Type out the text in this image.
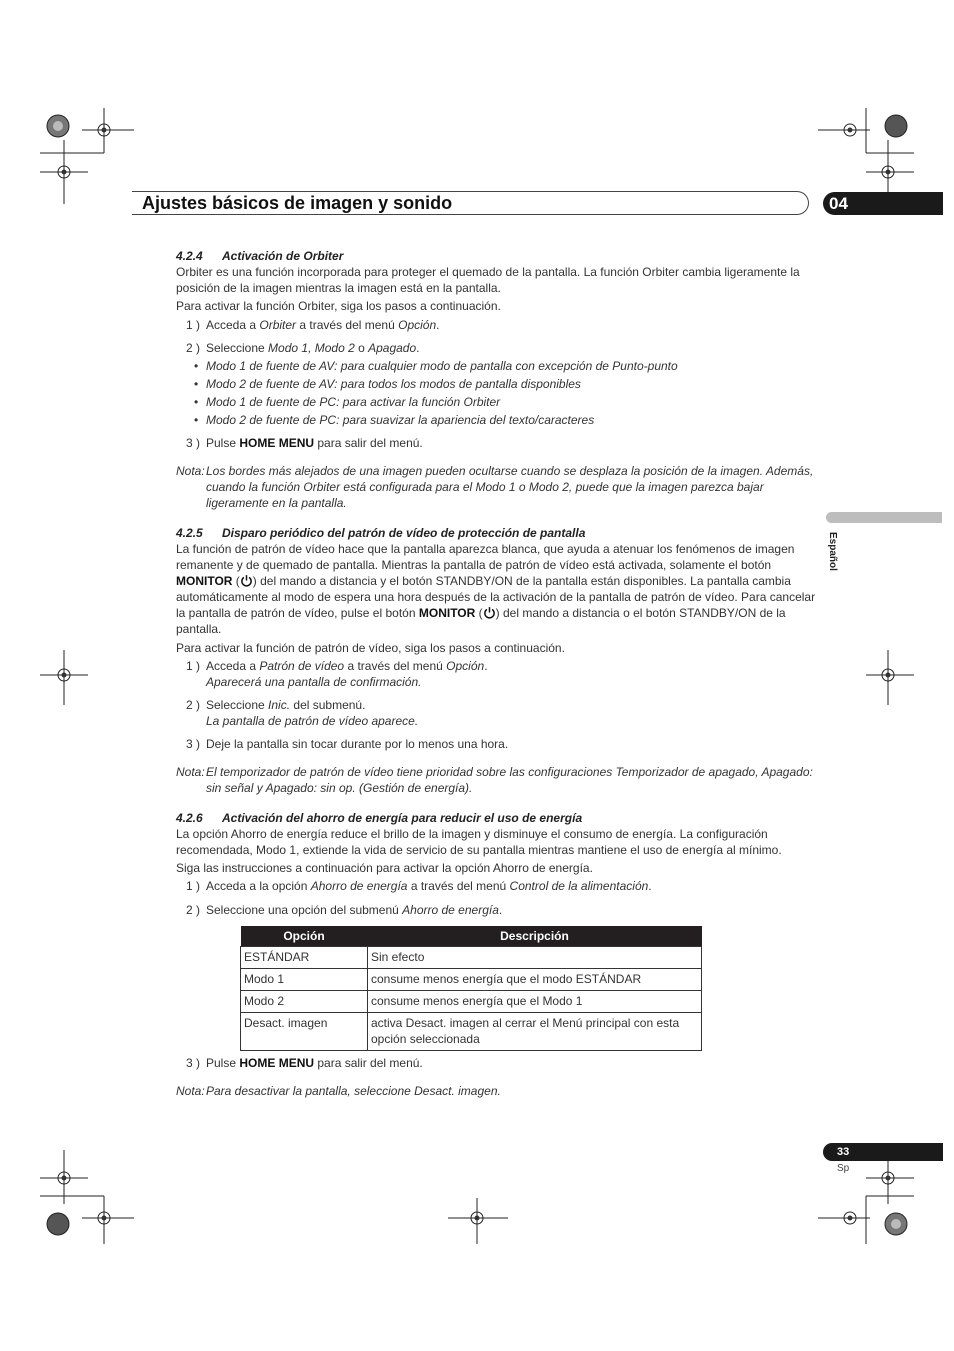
Ajustes básicos de imagen y sonido	04
Español
33
Sp
4.2.4 Activación de Orbiter

Orbiter es una función incorporada para proteger el quemado de la pantalla. La función Orbiter cambia ligeramente la posición de la imagen mientras la imagen está en la pantalla.

Para activar la función Orbiter, siga los pasos a continuación.

1 ) Acceda a Orbiter a través del menú Opción.
2 ) Seleccione Modo 1, Modo 2 o Apagado.
• Modo 1 de fuente de AV: para cualquier modo de pantalla con excepción de Punto-punto
• Modo 2 de fuente de AV: para todos los modos de pantalla disponibles
• Modo 1 de fuente de PC: para activar la función Orbiter
• Modo 2 de fuente de PC: para suavizar la apariencia del texto/caracteres
3 ) Pulse HOME MENU para salir del menú.
Nota: Los bordes más alejados de una imagen pueden ocultarse cuando se desplaza la posición de la imagen. Además, cuando la función Orbiter está configurada para el Modo 1 o Modo 2, puede que la imagen parezca bajar ligeramente en la pantalla.
4.2.5 Disparo periódico del patrón de vídeo de protección de pantalla

La función de patrón de vídeo hace que la pantalla aparezca blanca, que ayuda a atenuar los fenómenos de imagen remanente y de quemado de pantalla. Mientras la pantalla de patrón de vídeo está activada, solamente el botón MONITOR ( ) del mando a distancia y el botón STANDBY/ON de la pantalla están disponibles. La pantalla cambia automáticamente al modo de espera una hora después de la activación de la pantalla de patrón de vídeo. Para cancelar la pantalla de patrón de vídeo, pulse el botón MONITOR ( ) del mando a distancia o el botón STANDBY/ON de la pantalla.

Para activar la función de patrón de vídeo, siga los pasos a continuación.

1 ) Acceda a Patrón de vídeo a través del menú Opción.
Aparecerá una pantalla de confirmación.
2 ) Seleccione Inic. del submenú.
La pantalla de patrón de vídeo aparece.
3 ) Deje la pantalla sin tocar durante por lo menos una hora.
Nota: El temporizador de patrón de vídeo tiene prioridad sobre las configuraciones Temporizador de apagado, Apagado: sin señal y Apagado: sin op. (Gestión de energía).
4.2.6 Activación del ahorro de energía para reducir el uso de energía

La opción Ahorro de energía reduce el brillo de la imagen y disminuye el consumo de energía. La configuración recomendada, Modo 1, extiende la vida de servicio de su pantalla mientras mantiene el uso de energía al mínimo.

Siga las instrucciones a continuación para activar la opción Ahorro de energía.

1 ) Acceda a la opción Ahorro de energía a través del menú Control de la alimentación.
2 ) Seleccione una opción del submenú Ahorro de energía.
Opción	Descripción
ESTÁNDAR	Sin efecto
Modo 1	consume menos energía que el modo ESTÁNDAR
Modo 2	consume menos energía que el Modo 1
Desact. imagen	activa Desact. imagen al cerrar el Menú principal con esta opción seleccionada
3 ) Pulse HOME MENU para salir del menú.
Nota: Para desactivar la pantalla, seleccione Desact. imagen.
